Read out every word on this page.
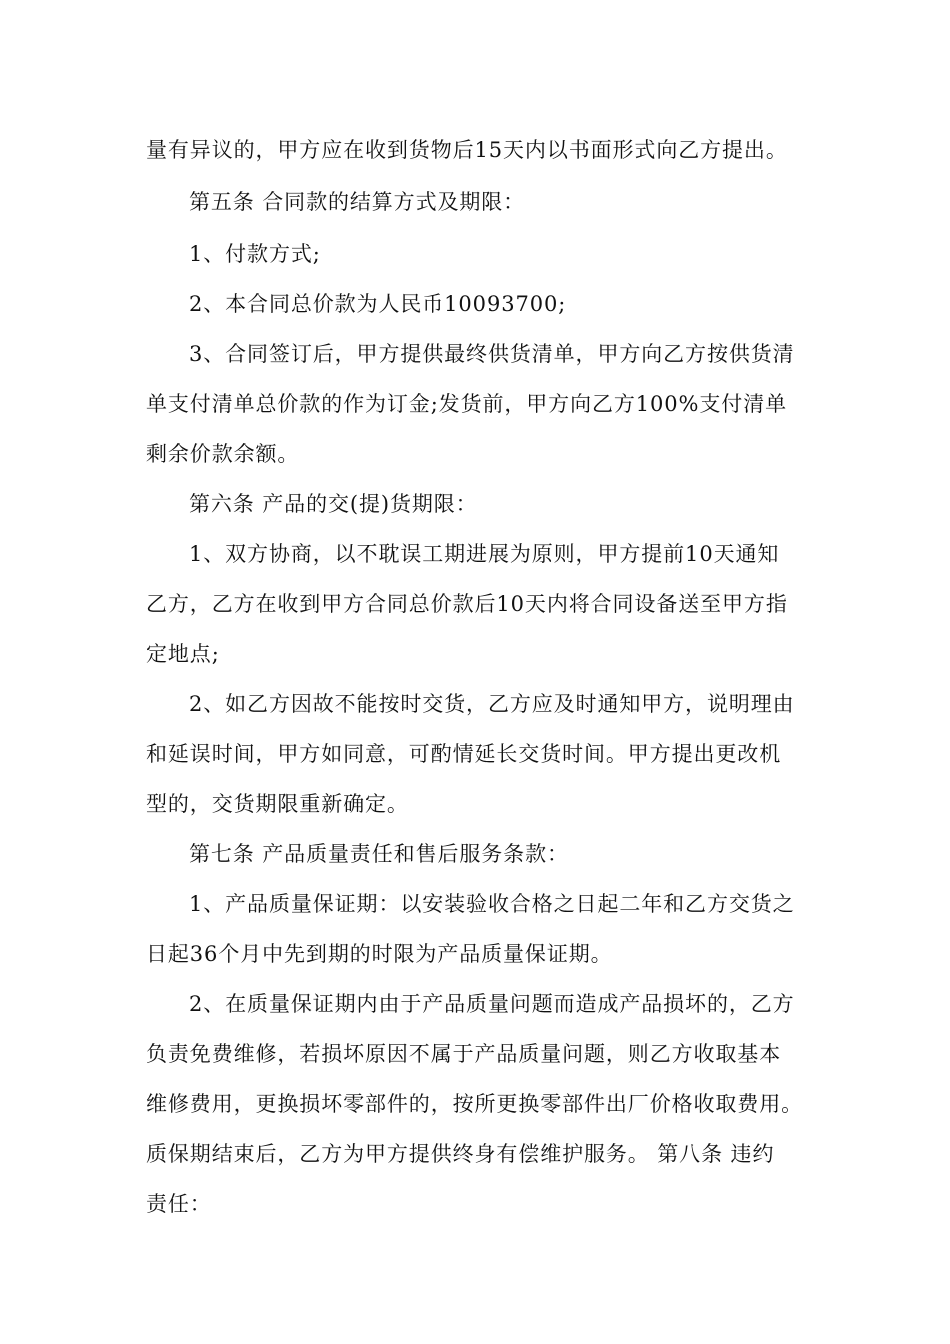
量有异议的，甲方应在收到货物后15天内以书面形式向乙方提出。
第五条 合同款的结算方式及期限：
1、付款方式;
2、本合同总价款为人民币10093700;
3、合同签订后，甲方提供最终供货清单，甲方向乙方按供货清
单支付清单总价款的作为订金;发货前，甲方向乙方100%支付清单
剩余价款余额。
第六条 产品的交(提)货期限：
1、双方协商，以不耽误工期进展为原则，甲方提前10天通知
乙方，乙方在收到甲方合同总价款后10天内将合同设备送至甲方指
定地点;
2、如乙方因故不能按时交货，乙方应及时通知甲方，说明理由
和延误时间，甲方如同意，可酌情延长交货时间。甲方提出更改机
型的，交货期限重新确定。
第七条 产品质量责任和售后服务条款：
1、产品质量保证期：以安装验收合格之日起二年和乙方交货之
日起36个月中先到期的时限为产品质量保证期。
2、在质量保证期内由于产品质量问题而造成产品损坏的，乙方
负责免费维修，若损坏原因不属于产品质量问题，则乙方收取基本
维修费用，更换损坏零部件的，按所更换零部件出厂价格收取费用。
质保期结束后，乙方为甲方提供终身有偿维护服务。 第八条 违约
责任：
